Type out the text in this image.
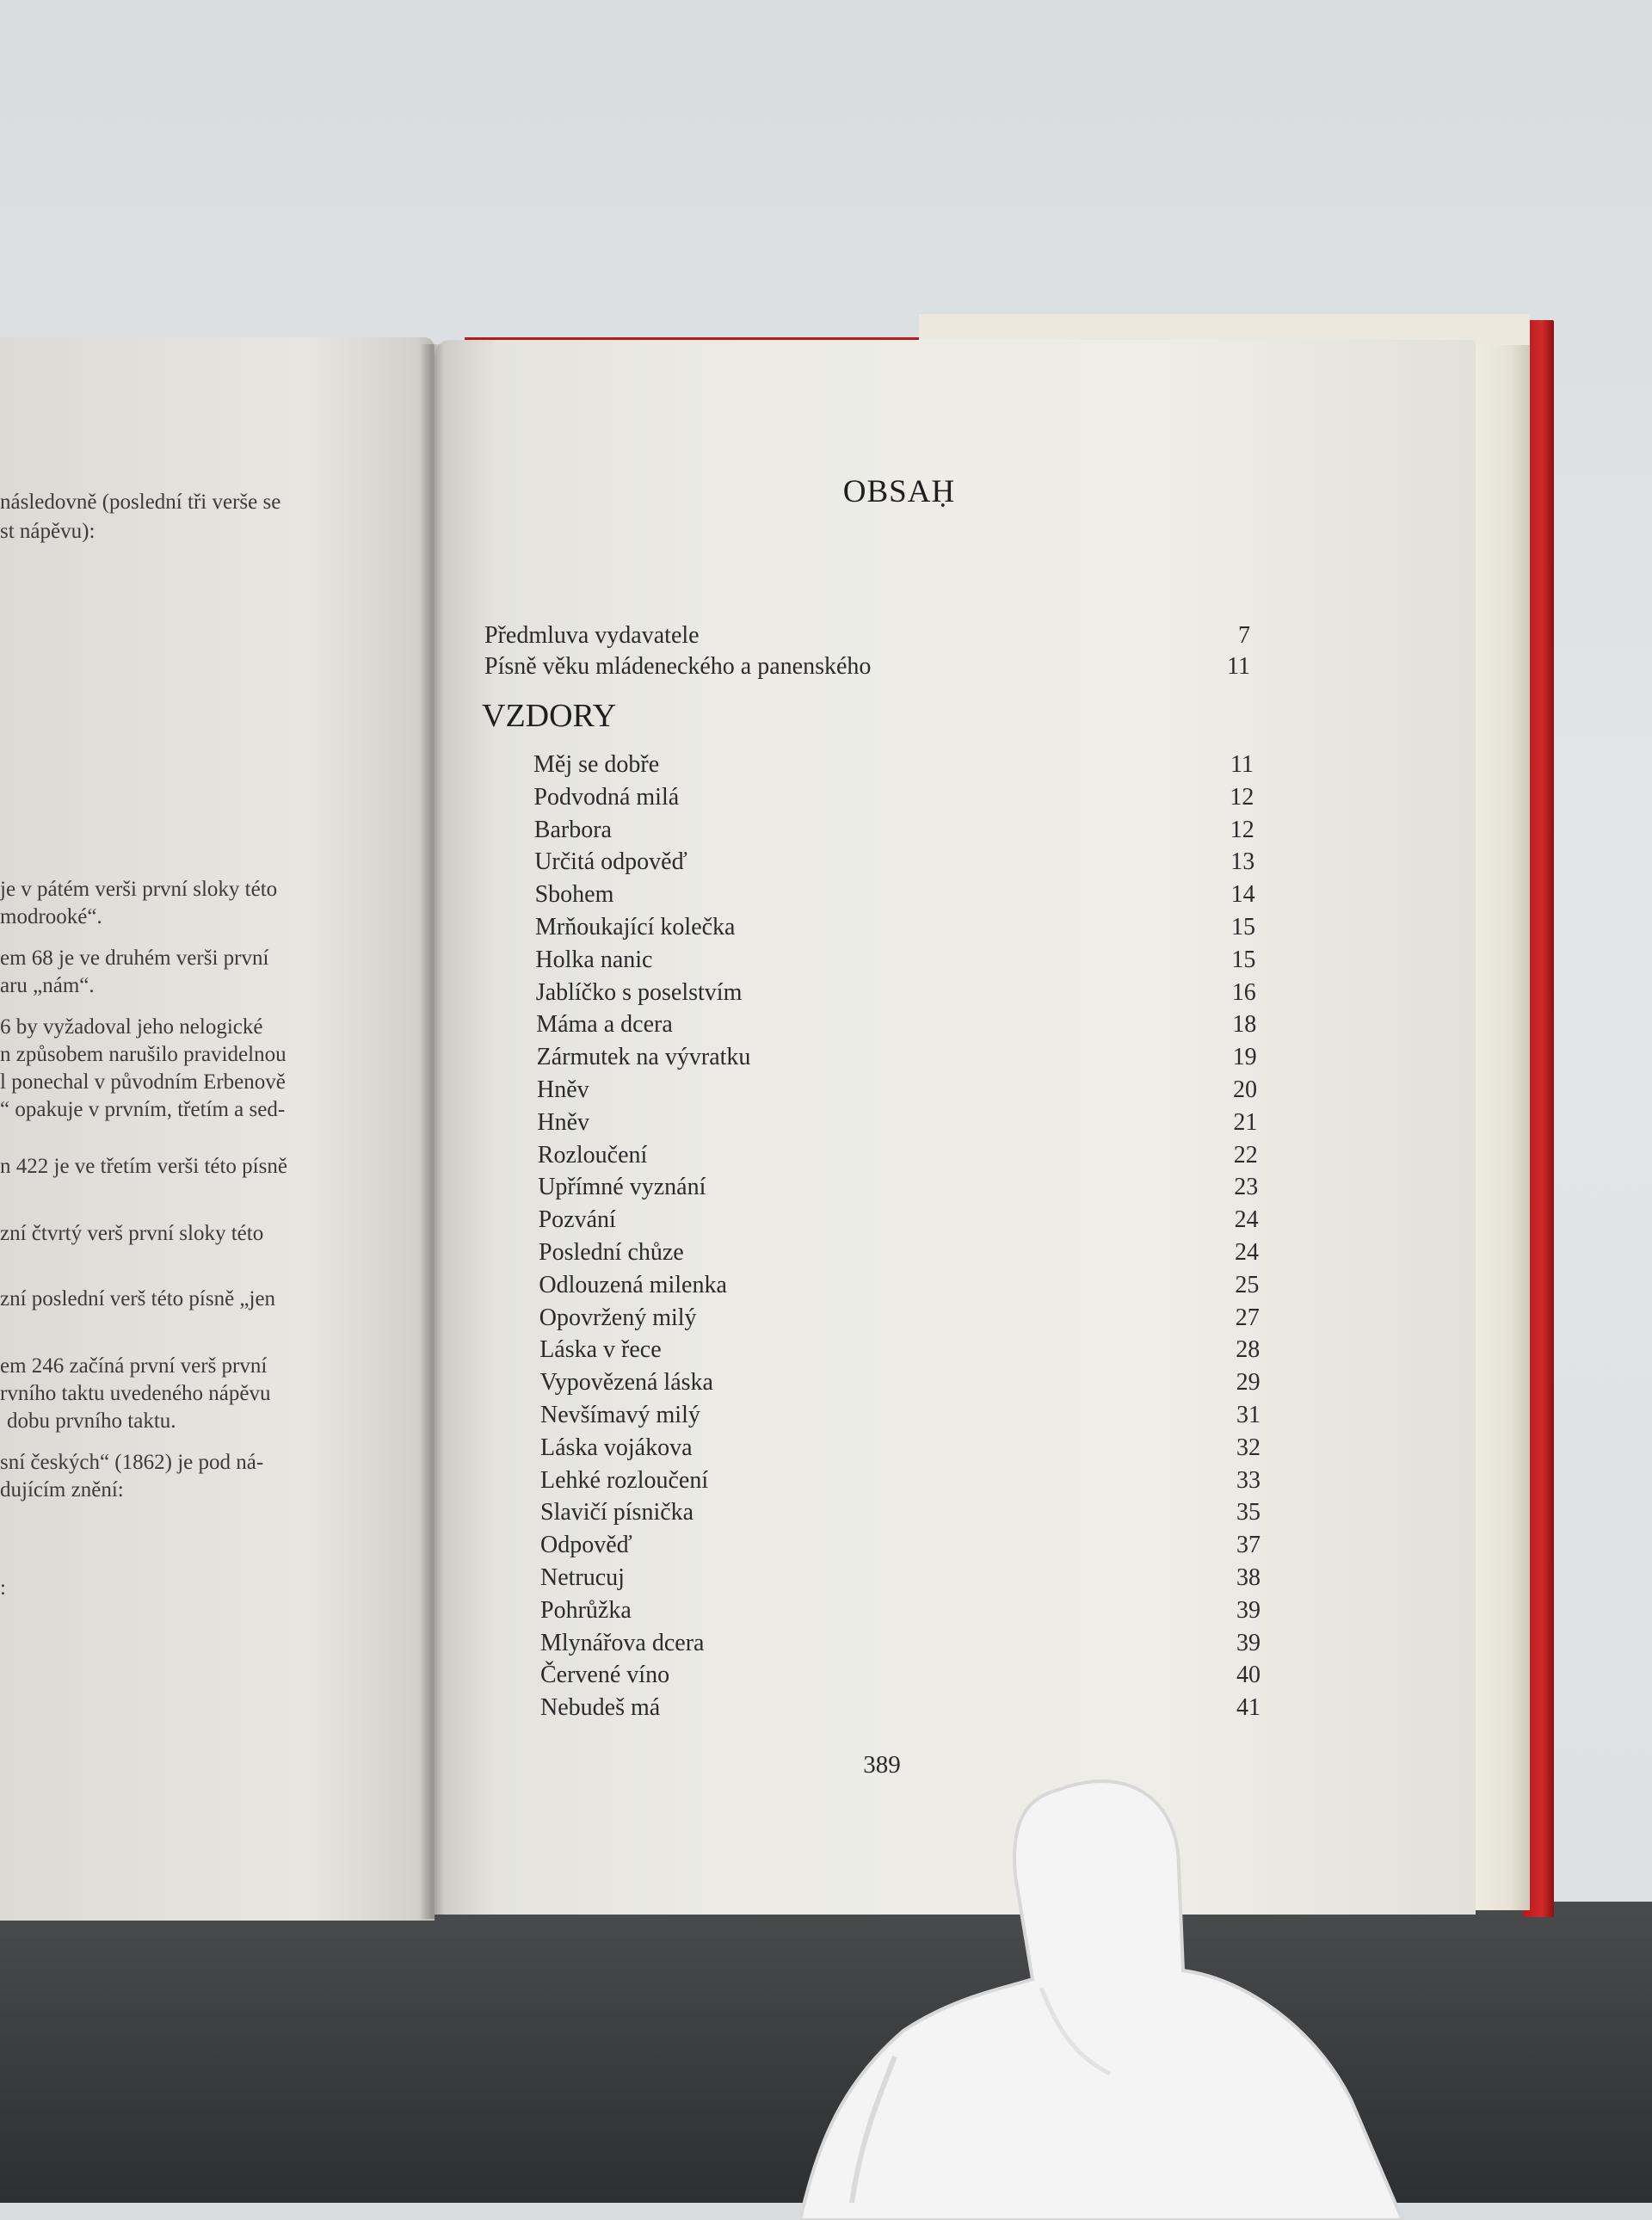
následovně (poslední tři verše se
st nápěvu):
je v pátém verši první sloky této
modrooké“.
em 68 je ve druhém verši první
aru „nám“.
6 by vyžadoval jeho nelogické
n způsobem narušilo pravidelnou
l ponechal v původním Erbenově
“ opakuje v prvním, třetím a sed-
n 422 je ve třetím verši této písně
zní čtvrtý verš první sloky této
zní poslední verš této písně „jen
em 246 začíná první verš první
rvního taktu uvedeného nápěvu
dobu prvního taktu.
sní českých“ (1862) je pod ná-
dujícím znění:
:
OBSAḤ
Předmluva vydavatele	7
Písně věku mládeneckého a panenského	11
VZDORY
Měj se dobře	11
Podvodná milá	12
Barbora	12
Určitá odpověď	13
Sbohem	14
Mrňoukající kolečka	15
Holka nanic	15
Jablíčko s poselstvím	16
Máma a dcera	18
Zármutek na vývratku	19
Hněv	20
Hněv	21
Rozloučení	22
Upřímné vyznání	23
Pozvání	24
Poslední chůze	24
Odlouzená milenka	25
Opovržený milý	27
Láska v řece	28
Vypovězená láska	29
Nevšímavý milý	31
Láska vojákova	32
Lehké rozloučení	33
Slavičí písnička	35
Odpověď	37
Netrucuj	38
Pohrůžka	39
Mlynářova dcera	39
Červené víno	40
Nebudeš má	41
389
